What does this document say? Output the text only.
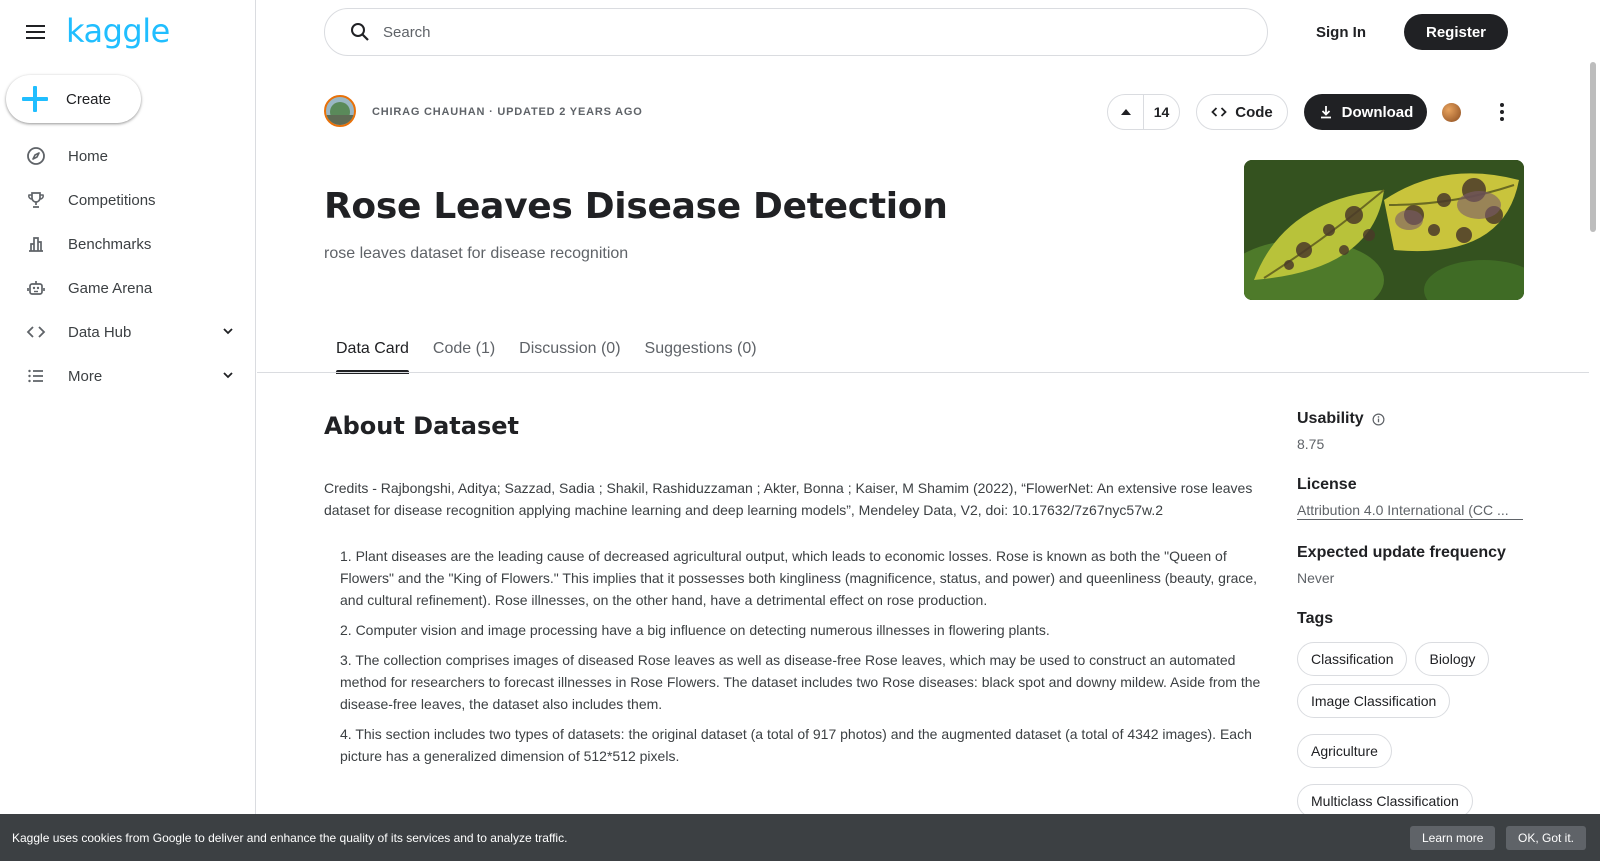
kaggle
Create
Home
Competitions
Benchmarks
Game Arena
Data Hub
More
Search
Sign In	Register
CHIRAG CHAUHAN · UPDATED 2 YEARS AGO	14	Code	Download
Rose Leaves Disease Detection
rose leaves dataset for disease recognition
Data Card	Code (1)	Discussion (0)	Suggestions (0)
About Dataset
Credits - Rajbongshi, Aditya; Sazzad, Sadia ; Shakil, Rashiduzzaman ; Akter, Bonna ; Kaiser, M Shamim (2022), “FlowerNet: An extensive rose leaves dataset for disease recognition applying machine learning and deep learning models”, Mendeley Data, V2, doi: 10.17632/7z67nyc57w.2

1. Plant diseases are the leading cause of decreased agricultural output, which leads to economic losses. Rose is known as both the "Queen of Flowers" and the "King of Flowers." This implies that it possesses both kingliness (magnificence, status, and power) and queenliness (beauty, grace, and cultural refinement). Rose illnesses, on the other hand, have a detrimental effect on rose production.

2. Computer vision and image processing have a big influence on detecting numerous illnesses in flowering plants.

3. The collection comprises images of diseased Rose leaves as well as disease-free Rose leaves, which may be used to construct an automated method for researchers to forecast illnesses in Rose Flowers. The dataset includes two Rose diseases: black spot and downy mildew. Aside from the disease-free leaves, the dataset also includes them.

4. This section includes two types of datasets: the original dataset (a total of 917 photos) and the augmented dataset (a total of 4342 images). Each picture has a generalized dimension of 512*512 pixels.

Usability
8.75
License
Attribution 4.0 International (CC ...
Expected update frequency
Never
Tags
Classification	Biology
Image Classification
Agriculture
Multiclass Classification
Kaggle uses cookies from Google to deliver and enhance the quality of its services and to analyze traffic.	Learn more	OK, Got it.
